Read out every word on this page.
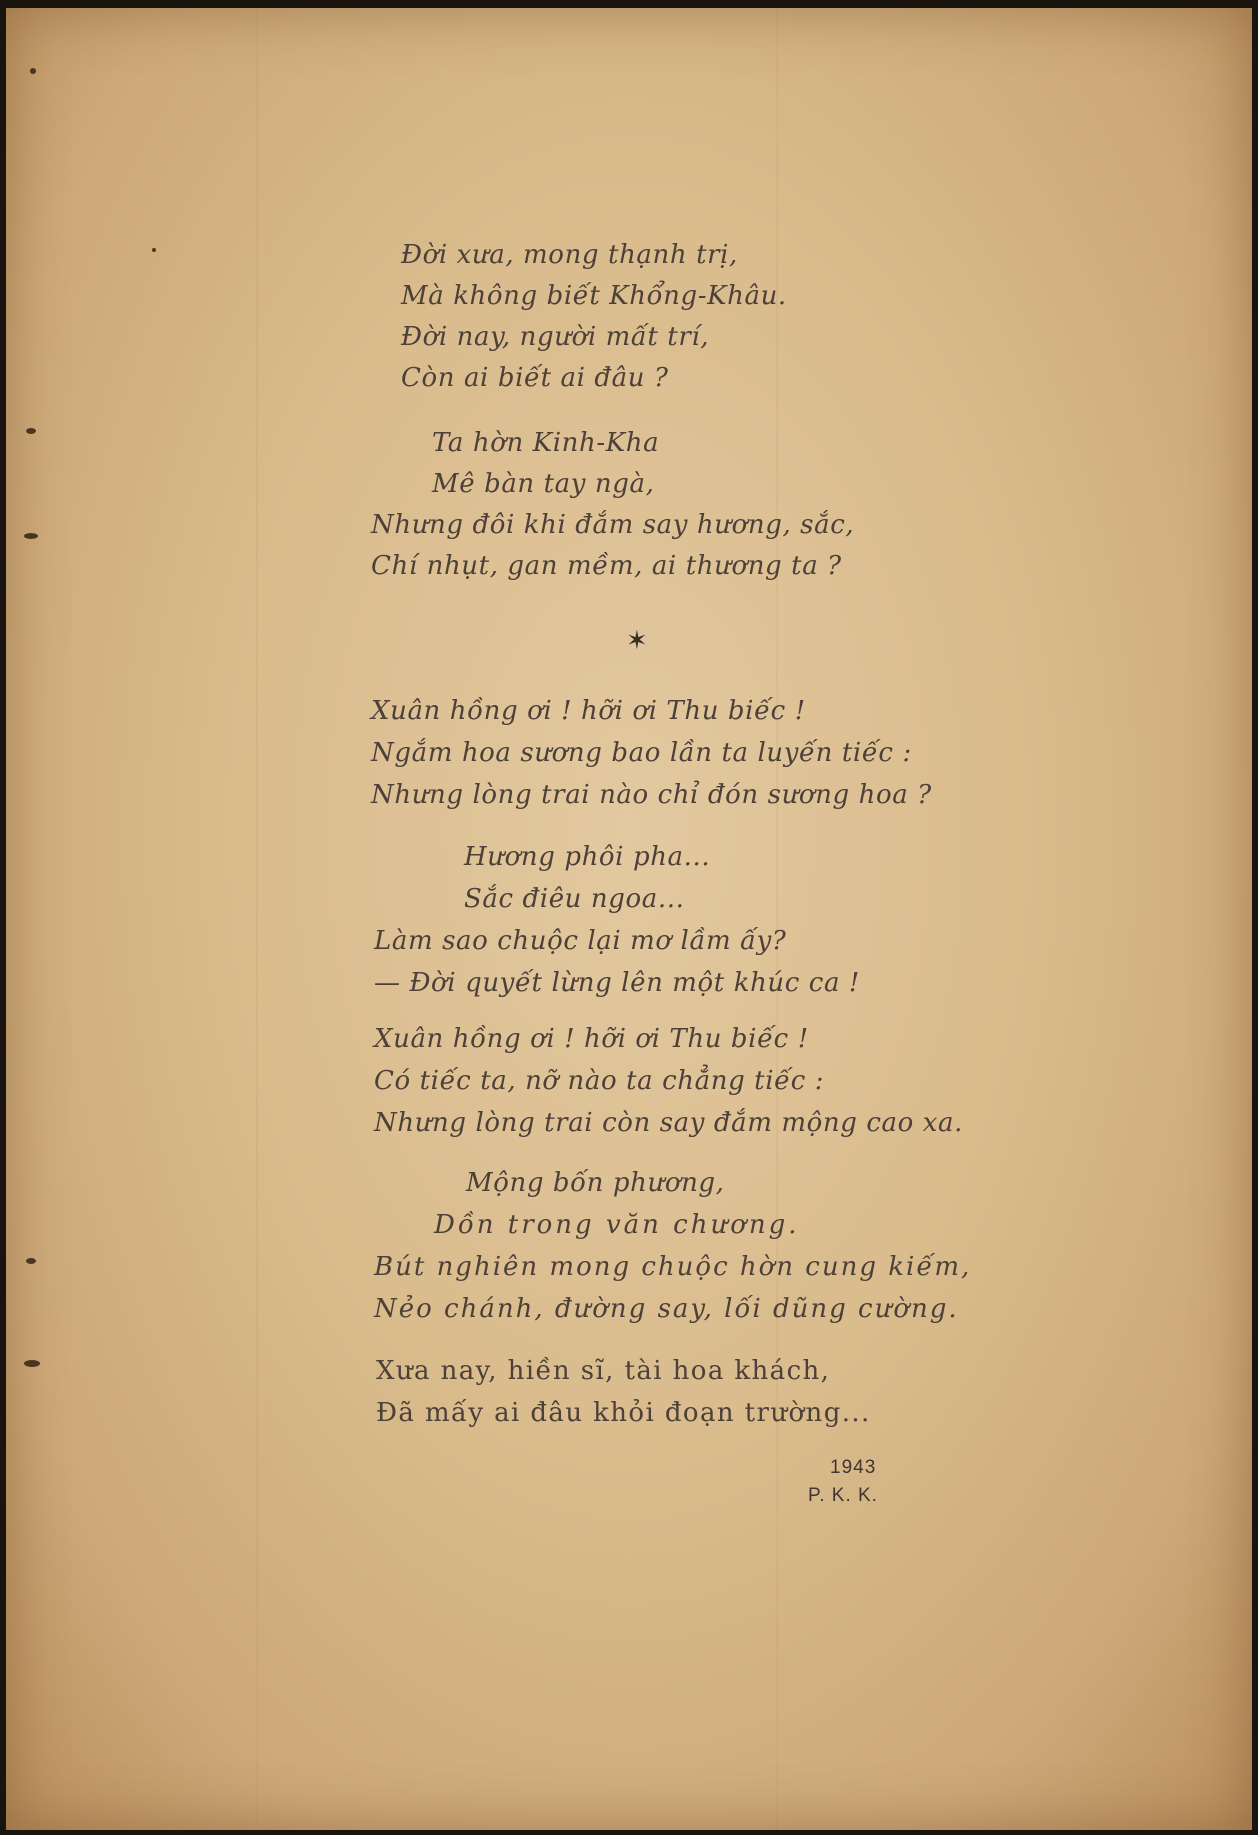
Đời xưa, mong thạnh trị,
Mà không biết Khổng-Khâu.
Đời nay, người mất trí,
Còn ai biết ai đâu ?
Ta hờn Kinh-Kha
Mê bàn tay ngà,
Nhưng đôi khi đắm say hương, sắc,
Chí nhụt, gan mềm, ai thương ta ?
✶
Xuân hồng ơi ! hỡi ơi Thu biếc !
Ngắm hoa sương bao lần ta luyến tiếc :
Nhưng lòng trai nào chỉ đón sương hoa ?
Hương phôi pha...
Sắc điêu ngoa...
Làm sao chuộc lại mơ lầm ấy?
— Đời quyết lừng lên một khúc ca !
Xuân hồng ơi ! hỡi ơi Thu biếc !
Có tiếc ta, nỡ nào ta chẳng tiếc :
Nhưng lòng trai còn say đắm mộng cao xa.
Mộng bốn phương,
Dồn trong văn chương.
Bút nghiên mong chuộc hờn cung kiếm,
Nẻo chánh, đường say, lối dũng cường.
Xưa nay, hiền sĩ, tài hoa khách,
Đã mấy ai đâu khỏi đoạn trường...
1943
P. K. K.
